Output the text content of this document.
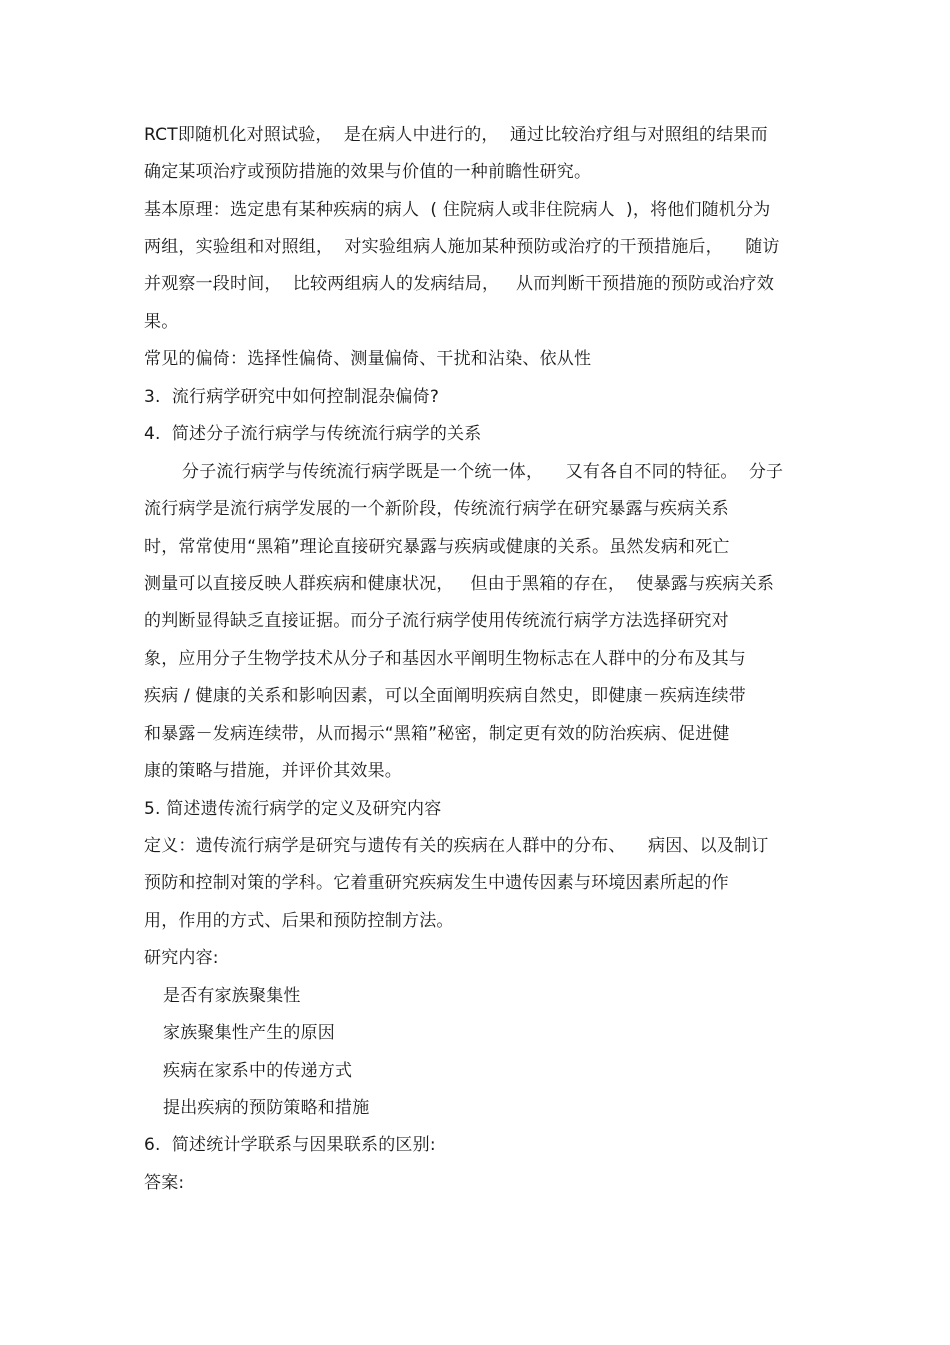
RCT即随机化对照试验，  是在病人中进行的，  通过比较治疗组与对照组的结果而
确定某项治疗或预防措施的效果与价值的一种前瞻性研究。
基本原理：选定患有某种疾病的病人  ( 住院病人或非住院病人  )，将他们随机分为
两组，实验组和对照组，  对实验组病人施加某种预防或治疗的干预措施后，    随访
并观察一段时间，  比较两组病人的发病结局，   从而判断干预措施的预防或治疗效
果。
常见的偏倚：选择性偏倚、测量偏倚、干扰和沾染、依从性
3.  流行病学研究中如何控制混杂偏倚?
4.  简述分子流行病学与传统流行病学的关系
分子流行病学与传统流行病学既是一个统一体，    又有各自不同的特征。  分子
流行病学是流行病学发展的一个新阶段，传统流行病学在研究暴露与疾病关系
时，常常使用“黑箱”理论直接研究暴露与疾病或健康的关系。虽然发病和死亡
测量可以直接反映人群疾病和健康状况，   但由于黑箱的存在，  使暴露与疾病关系
的判断显得缺乏直接证据。而分子流行病学使用传统流行病学方法选择研究对
象，应用分子生物学技术从分子和基因水平阐明生物标志在人群中的分布及其与
疾病 / 健康的关系和影响因素，可以全面阐明疾病自然史，即健康－疾病连续带
和暴露－发病连续带，从而揭示“黑箱”秘密，制定更有效的防治疾病、促进健
康的策略与措施，并评价其效果。
5. 简述遗传流行病学的定义及研究内容
定义：遗传流行病学是研究与遗传有关的疾病在人群中的分布、    病因、以及制订
预防和控制对策的学科。它着重研究疾病发生中遗传因素与环境因素所起的作
用，作用的方式、后果和预防控制方法。
研究内容:
是否有家族聚集性
家族聚集性产生的原因
疾病在家系中的传递方式
提出疾病的预防策略和措施
6.  简述统计学联系与因果联系的区别:
答案:
